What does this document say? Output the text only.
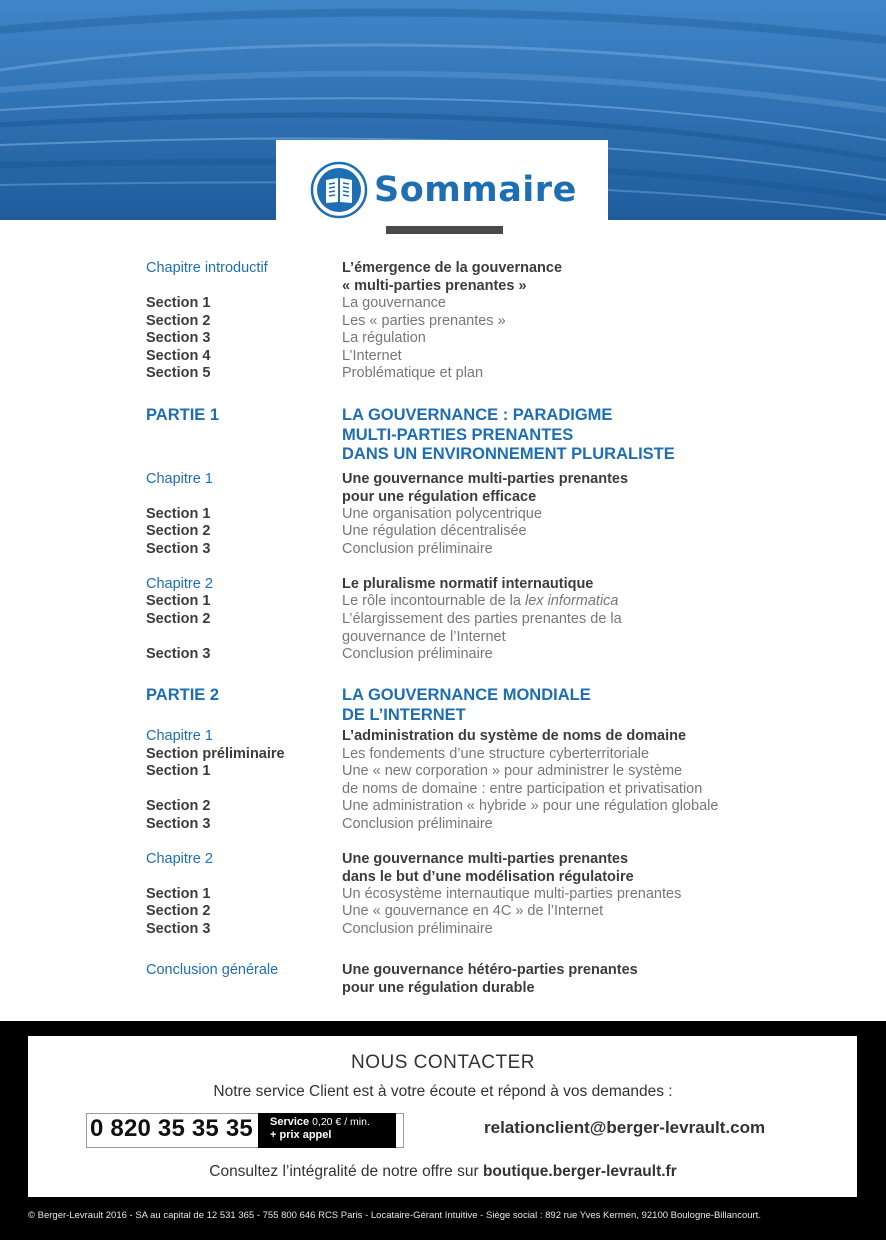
Sommaire
Chapitre introductif	L’émergence de la gouvernance
« multi-parties prenantes »
Section 1	La gouvernance
Section 2	Les « parties prenantes »
Section 3	La régulation
Section 4	L’Internet
Section 5	Problématique et plan
PARTIE 1	LA GOUVERNANCE : PARADIGME
MULTI-PARTIES PRENANTES
DANS UN ENVIRONNEMENT PLURALISTE
Chapitre 1	Une gouvernance multi-parties prenantes
pour une régulation efficace
Section 1	Une organisation polycentrique
Section 2	Une régulation décentralisée
Section 3	Conclusion préliminaire
Chapitre 2	Le pluralisme normatif internautique
Section 1	Le rôle incontournable de la lex informatica
Section 2	L’élargissement des parties prenantes de la
gouvernance de l’Internet
Section 3	Conclusion préliminaire
PARTIE 2	LA GOUVERNANCE MONDIALE
DE L’INTERNET
Chapitre 1	L’administration du système de noms de domaine
Section préliminaire	Les fondements d’une structure cyberterritoriale
Section 1	Une « new corporation » pour administrer le système
de noms de domaine : entre participation et privatisation
Section 2	Une administration « hybride » pour une régulation globale
Section 3	Conclusion préliminaire
Chapitre 2	Une gouvernance multi-parties prenantes
dans le but d’une modélisation régulatoire
Section 1	Un écosystème internautique multi-parties prenantes
Section 2	Une « gouvernance en 4C » de l’Internet
Section 3	Conclusion préliminaire
Conclusion générale	Une gouvernance hétéro-parties prenantes
pour une régulation durable
NOUS CONTACTER
Notre service Client est à votre écoute et répond à vos demandes :
0 820 35 35 35	Service 0,20 € / min.
+ prix appel	relationclient@berger-levrault.com
Consultez l’intégralité de notre offre sur boutique.berger-levrault.fr
© Berger-Levrault 2016 - SA au capital de 12 531 365 - 755 800 646 RCS Paris - Locataire-Gérant Intuitive - Siège social : 892 rue Yves Kermen, 92100 Boulogne-Billancourt.
